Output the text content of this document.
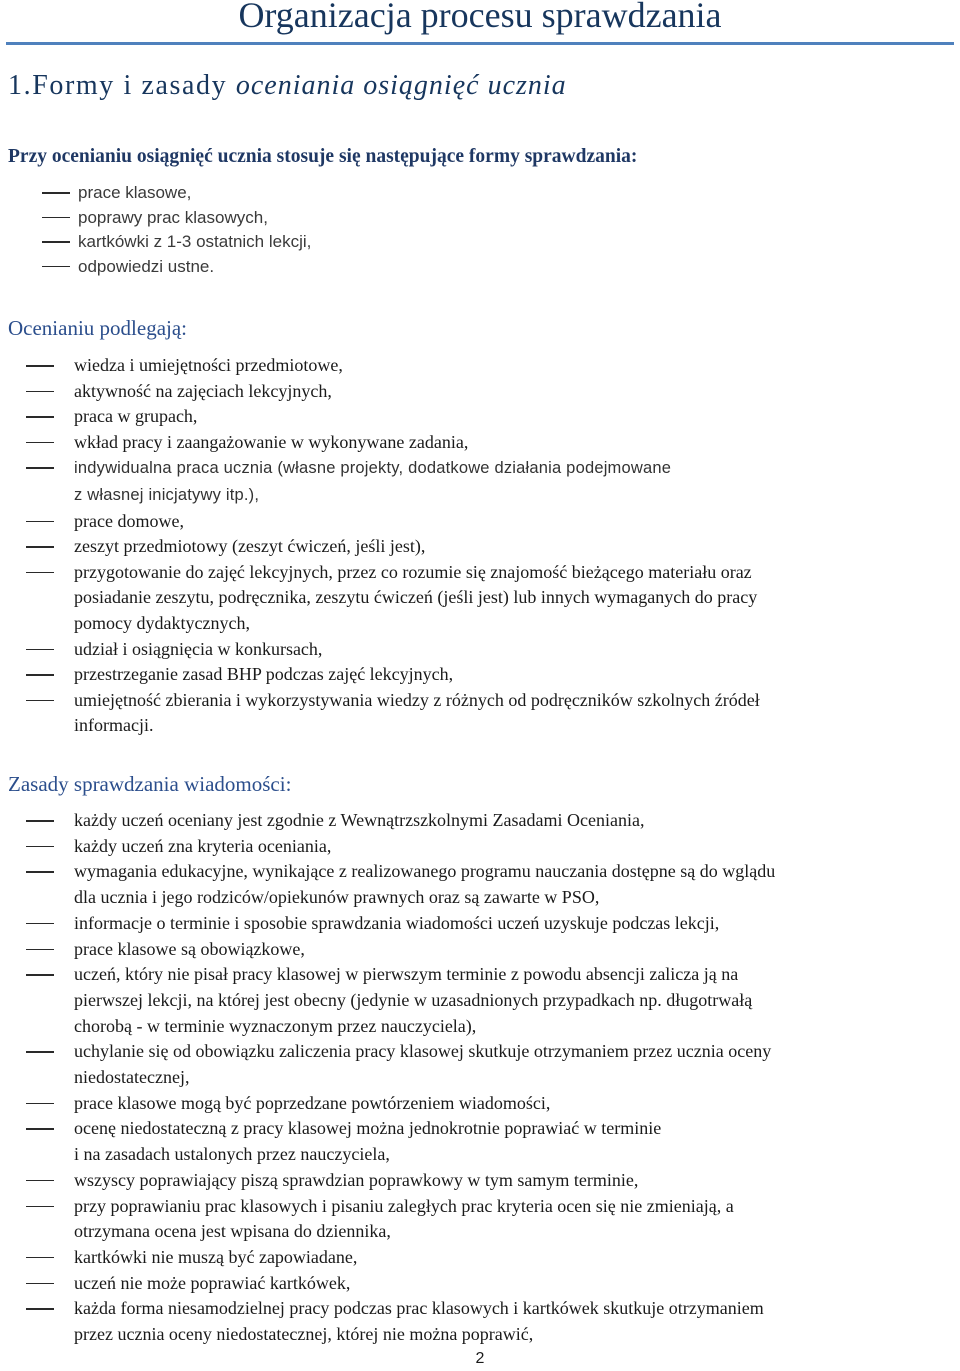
Organizacja procesu sprawdzania
1.Formy i zasady oceniania osiągnięć ucznia
Przy ocenianiu osiągnięć ucznia stosuje się następujące formy sprawdzania:
prace klasowe,
poprawy prac klasowych,
kartkówki z 1-3 ostatnich lekcji,
odpowiedzi ustne.
Ocenianiu podlegają:
wiedza i umiejętności przedmiotowe,
aktywność na zajęciach lekcyjnych,
praca w grupach,
wkład pracy i zaangażowanie w wykonywane zadania,
indywidualna praca ucznia (własne projekty, dodatkowe działania podejmowane
z własnej inicjatywy itp.),
prace domowe,
zeszyt przedmiotowy (zeszyt ćwiczeń, jeśli jest),
przygotowanie do zajęć lekcyjnych, przez co rozumie się znajomość bieżącego materiału oraz
posiadanie zeszytu, podręcznika, zeszytu ćwiczeń (jeśli jest) lub innych wymaganych do pracy
pomocy dydaktycznych,
udział i osiągnięcia w konkursach,
przestrzeganie zasad BHP podczas zajęć lekcyjnych,
umiejętność zbierania i wykorzystywania wiedzy z różnych od podręczników szkolnych źródeł
informacji.
Zasady sprawdzania wiadomości:
każdy uczeń oceniany jest zgodnie z Wewnątrzszkolnymi Zasadami Oceniania,
każdy uczeń zna kryteria oceniania,
wymagania edukacyjne, wynikające z realizowanego programu nauczania dostępne są do wglądu
dla ucznia i jego rodziców/opiekunów prawnych oraz są zawarte w PSO,
informacje o terminie i sposobie sprawdzania wiadomości uczeń uzyskuje podczas lekcji,
prace klasowe są obowiązkowe,
uczeń, który nie pisał pracy klasowej w pierwszym terminie z powodu absencji zalicza ją na
pierwszej lekcji, na której jest obecny (jedynie w uzasadnionych przypadkach np. długotrwałą
chorobą - w terminie wyznaczonym przez nauczyciela),
uchylanie się od obowiązku zaliczenia pracy klasowej skutkuje otrzymaniem przez ucznia oceny
niedostatecznej,
prace klasowe mogą być poprzedzane powtórzeniem wiadomości,
ocenę niedostateczną z pracy klasowej można jednokrotnie poprawiać w terminie
i na zasadach ustalonych przez nauczyciela,
wszyscy poprawiający piszą sprawdzian poprawkowy w tym samym terminie,
przy poprawianiu prac klasowych i pisaniu zaległych prac kryteria ocen się nie zmieniają, a
otrzymana ocena jest wpisana do dziennika,
kartkówki nie muszą być zapowiadane,
uczeń nie może poprawiać kartkówek,
każda forma niesamodzielnej pracy podczas prac klasowych i kartkówek skutkuje otrzymaniem
przez ucznia oceny niedostatecznej, której nie można poprawić,
2
